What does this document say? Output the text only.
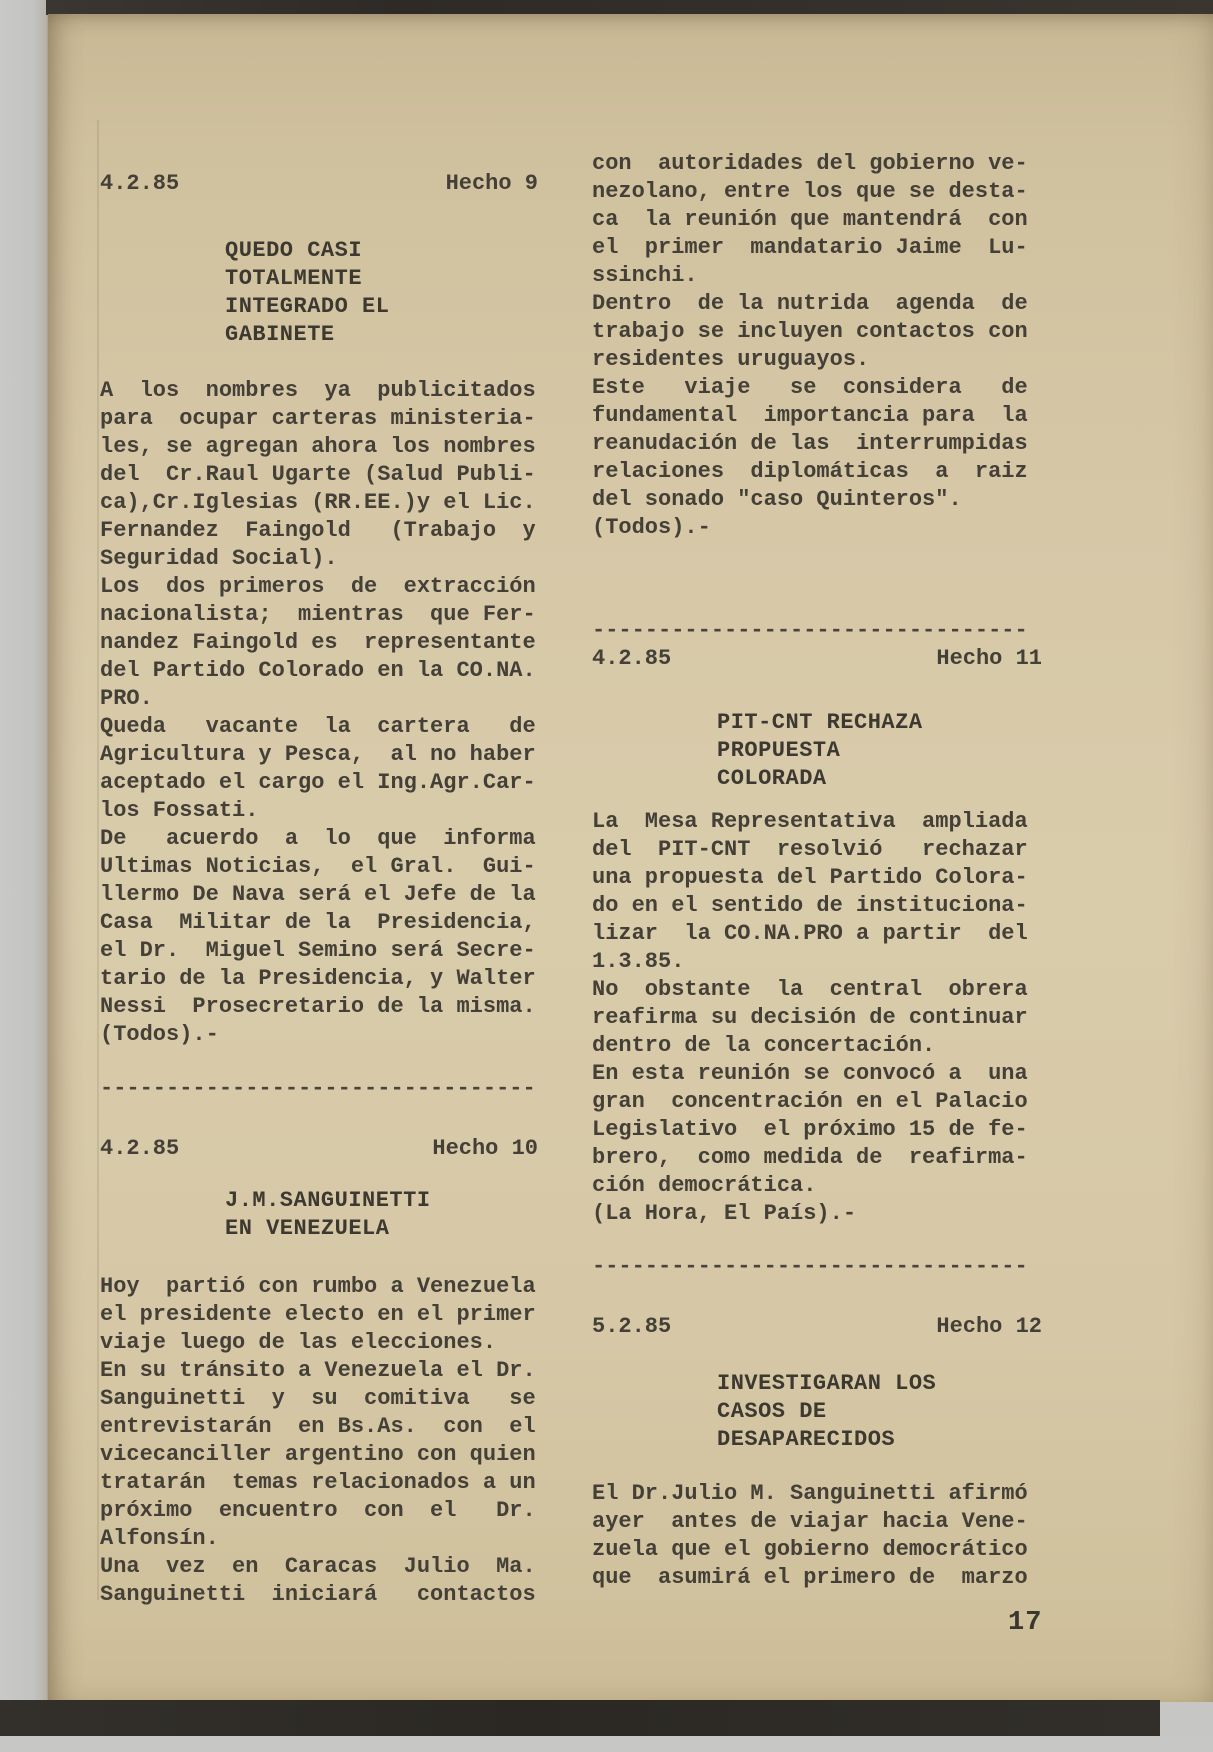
4.2.85	Hecho 9
QUEDO CASI
TOTALMENTE
INTEGRADO EL
GABINETE
A  los  nombres  ya  publicitados
para  ocupar carteras ministeria-
les, se agregan ahora los nombres
del  Cr.Raul Ugarte (Salud Publi-
ca),Cr.Iglesias (RR.EE.)y el Lic.
Fernandez  Faingold   (Trabajo  y
Seguridad Social).
Los  dos primeros  de  extracción
nacionalista;  mientras  que Fer-
nandez Faingold es  representante
del Partido Colorado en la CO.NA.
PRO.
Queda   vacante  la  cartera   de
Agricultura y Pesca,  al no haber
aceptado el cargo el Ing.Agr.Car-
los Fossati.
De   acuerdo  a  lo  que  informa
Ultimas Noticias,  el Gral.  Gui-
llermo De Nava será el Jefe de la
Casa  Militar de la  Presidencia,
el Dr.  Miguel Semino será Secre-
tario de la Presidencia, y Walter
Nessi  Prosecretario de la misma.
(Todos).-
---------------------------------
4.2.85	Hecho 10
J.M.SANGUINETTI
EN VENEZUELA
Hoy  partió con rumbo a Venezuela
el presidente electo en el primer
viaje luego de las elecciones.
En su tránsito a Venezuela el Dr.
Sanguinetti  y  su  comitiva   se
entrevistarán  en Bs.As.  con  el
vicecanciller argentino con quien
tratarán  temas relacionados a un
próximo  encuentro  con  el   Dr.
Alfonsín.
Una  vez  en  Caracas  Julio  Ma.
Sanguinetti  iniciará   contactos
con  autoridades del gobierno ve-
nezolano, entre los que se desta-
ca  la reunión que mantendrá  con
el  primer  mandatario Jaime  Lu-
ssinchi.
Dentro  de la nutrida  agenda  de
trabajo se incluyen contactos con
residentes uruguayos.
Este   viaje   se  considera   de
fundamental  importancia para  la
reanudación de las  interrumpidas
relaciones  diplomáticas  a  raiz
del sonado "caso Quinteros".
(Todos).-
---------------------------------
4.2.85	Hecho 11
PIT-CNT RECHAZA
PROPUESTA
COLORADA
La  Mesa Representativa  ampliada
del  PIT-CNT  resolvió   rechazar
una propuesta del Partido Colora-
do en el sentido de instituciona-
lizar  la CO.NA.PRO a partir  del
1.3.85.
No  obstante  la  central  obrera
reafirma su decisión de continuar
dentro de la concertación.
En esta reunión se convocó a  una
gran  concentración en el Palacio
Legislativo  el próximo 15 de fe-
brero,  como medida de  reafirma-
ción democrática.
(La Hora, El País).-
---------------------------------
5.2.85	Hecho 12
INVESTIGARAN LOS
CASOS DE
DESAPARECIDOS
El Dr.Julio M. Sanguinetti afirmó
ayer  antes de viajar hacia Vene-
zuela que el gobierno democrático
que  asumirá el primero de  marzo
17
